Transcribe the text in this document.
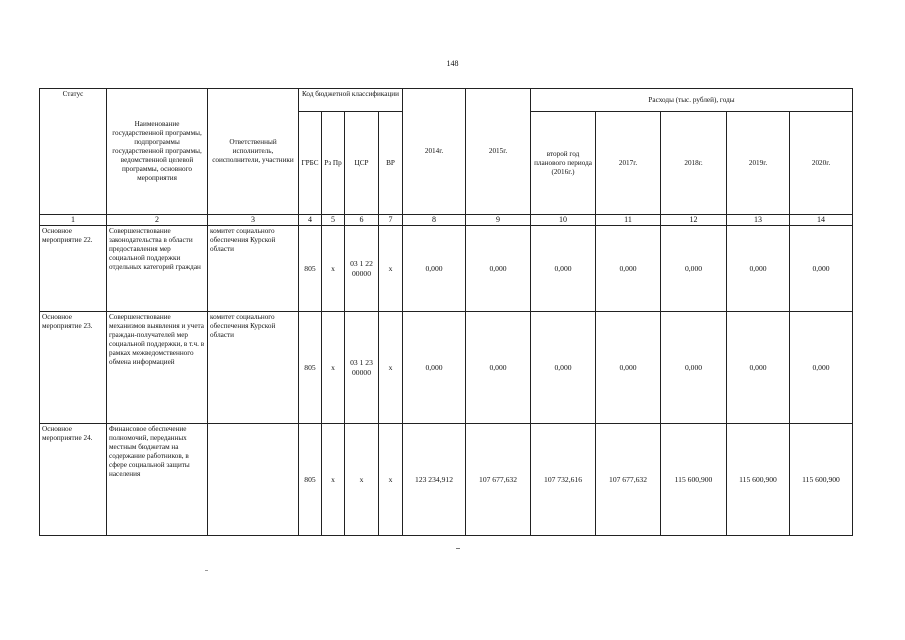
148
Статус	Наименование государственной программы, подпрограммы государственной программы, ведомственной целевой программы, основного мероприятия	Ответственный исполнитель, соисполнители, участники	Код бюджетной классификации				2014г.	2015г.	Расходы (тыс. рублей), годы				
			ГРБС	Рз Пр	ЦСР	ВР			второй год планового периода (2016г.)	2017г.	2018г.	2019г.	2020г.
1	2	3	4	5	6	7	8	9	10	11	12	13	14
Основное мероприятие 22.	Совершенствование законодательства в области предоставления мер социальной поддержки отдельных категорий граждан	комитет социального обеспечения Курской области	805	х	03 1 22 00000	х	0,000	0,000	0,000	0,000	0,000	0,000	0,000
Основное мероприятие 23.	Совершенствование механизмов выявления и учета граждан-получателей мер социальной поддержки, в т.ч. в рамках межведомственного обмена информацией	комитет социального обеспечения Курской области	805	х	03 1 23 00000	х	0,000	0,000	0,000	0,000	0,000	0,000	0,000
Основное мероприятие 24.	Финансовое обеспечение полномочий, переданных местным бюджетам на содержание работников, в сфере социальной защиты населения		805	х	х	х	123 234,912	107 677,632	107 732,616	107 677,632	115 600,900	115 600,900	115 600,900
